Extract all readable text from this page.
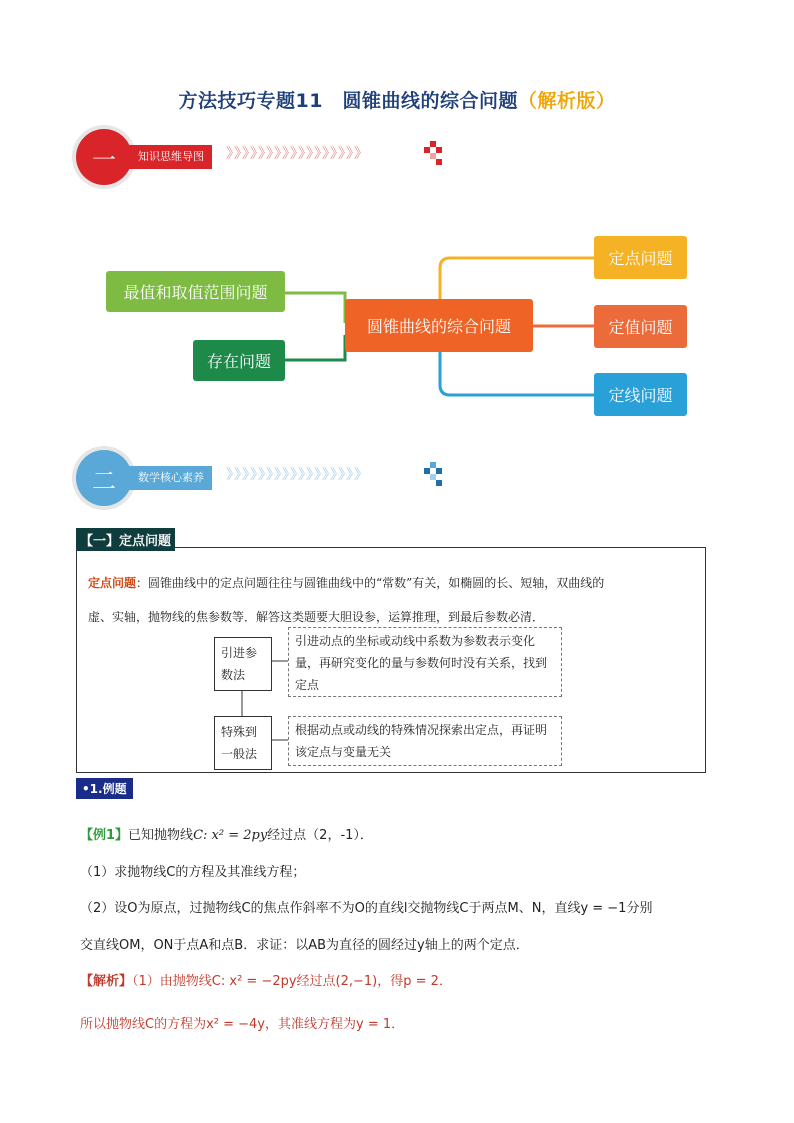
方法技巧专题11　圆锥曲线的综合问题（解析版）
一	知识思维导图	》》》》》》》》》》》》》》》》》
最值和取值范围问题
存在问题
圆锥曲线的综合问题
定点问题
定值问题
定线问题
二	数学核心素养	》》》》》》》》》》》》》》》》》
【一】定点问题
定点问题：圆锥曲线中的定点问题往往与圆锥曲线中的“常数”有关，如椭圆的长、短轴，双曲线的
虚、实轴，抛物线的焦参数等．解答这类题要大胆设参，运算推理，到最后参数必清．
引进参数法
引进动点的坐标或动线中系数为参数表示变化量，再研究变化的量与参数何时没有关系，找到定点
特殊到一般法
根据动点或动线的特殊情况探索出定点，再证明该定点与变量无关
•1.例题
【例1】已知抛物线C: x² = 2py经过点（2，-1）．
（1）求抛物线C的方程及其准线方程；
（2）设O为原点，过抛物线C的焦点作斜率不为O的直线l交抛物线C于两点M、N，直线y = −1分别
交直线OM，ON于点A和点B．求证：以AB为直径的圆经过y轴上的两个定点．
【解析】（1）由抛物线C: x² = −2py经过点(2,−1)，得p = 2．
所以抛物线C的方程为x² = −4y，其准线方程为y = 1．
